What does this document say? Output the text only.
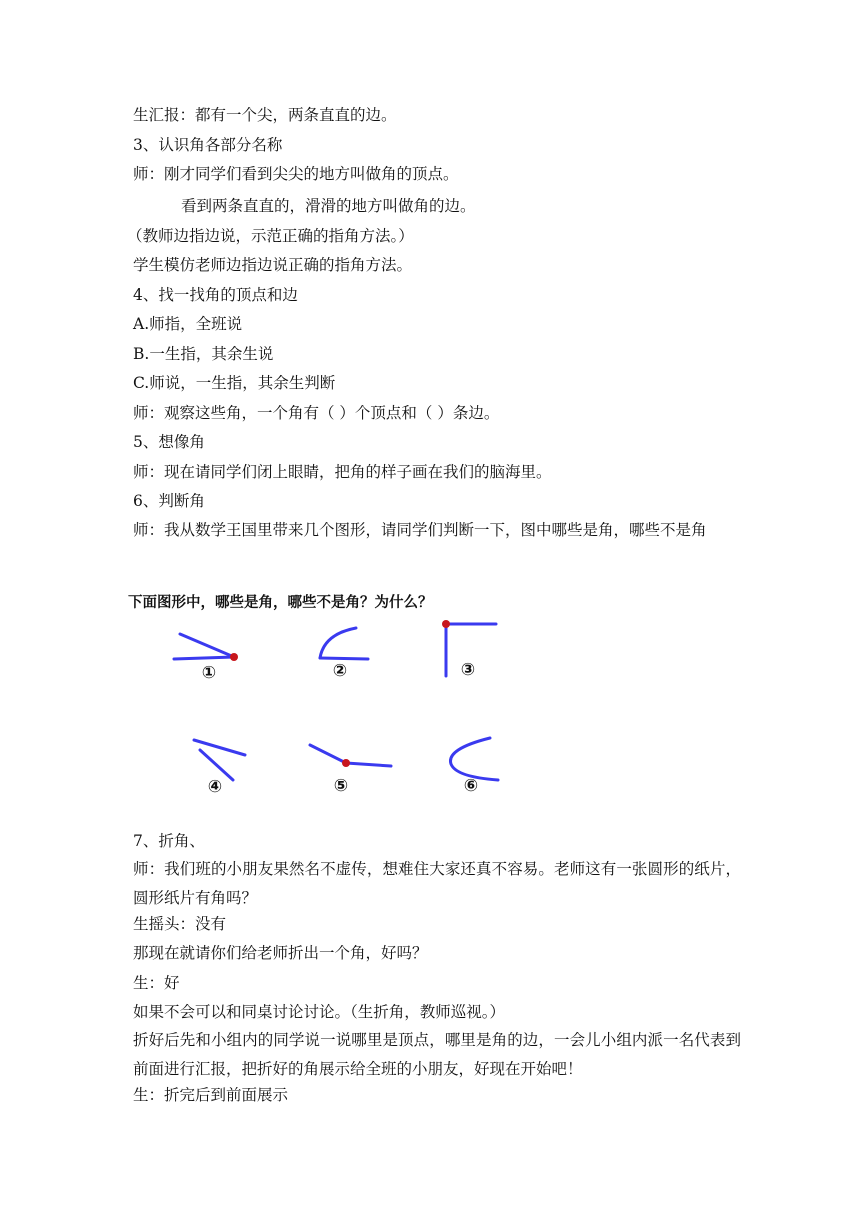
生汇报：都有一个尖，两条直直的边。
3、认识角各部分名称
师：刚才同学们看到尖尖的地方叫做角的顶点。
看到两条直直的，滑滑的地方叫做角的边。
（教师边指边说，示范正确的指角方法。）
学生模仿老师边指边说正确的指角方法。
4、找一找角的顶点和边
A.师指，全班说
B.一生指，其余生说
C.师说，一生指，其余生判断
师：观察这些角，一个角有（ ）个顶点和（ ）条边。
5、想像角
师：现在请同学们闭上眼睛，把角的样子画在我们的脑海里。
6、判断角
师：我从数学王国里带来几个图形，请同学们判断一下，图中哪些是角，哪些不是角
下面图形中，哪些是角，哪些不是角？为什么？
①	②	③
④	⑤	⑥
7、折角、
师：我们班的小朋友果然名不虚传，想难住大家还真不容易。老师这有一张圆形的纸片，圆形纸片有角吗？
生摇头：没有
那现在就请你们给老师折出一个角，好吗？
生：好
如果不会可以和同桌讨论讨论。（生折角，教师巡视。）
折好后先和小组内的同学说一说哪里是顶点，哪里是角的边，一会儿小组内派一名代表到前面进行汇报，把折好的角展示给全班的小朋友，好现在开始吧！
生：折完后到前面展示
